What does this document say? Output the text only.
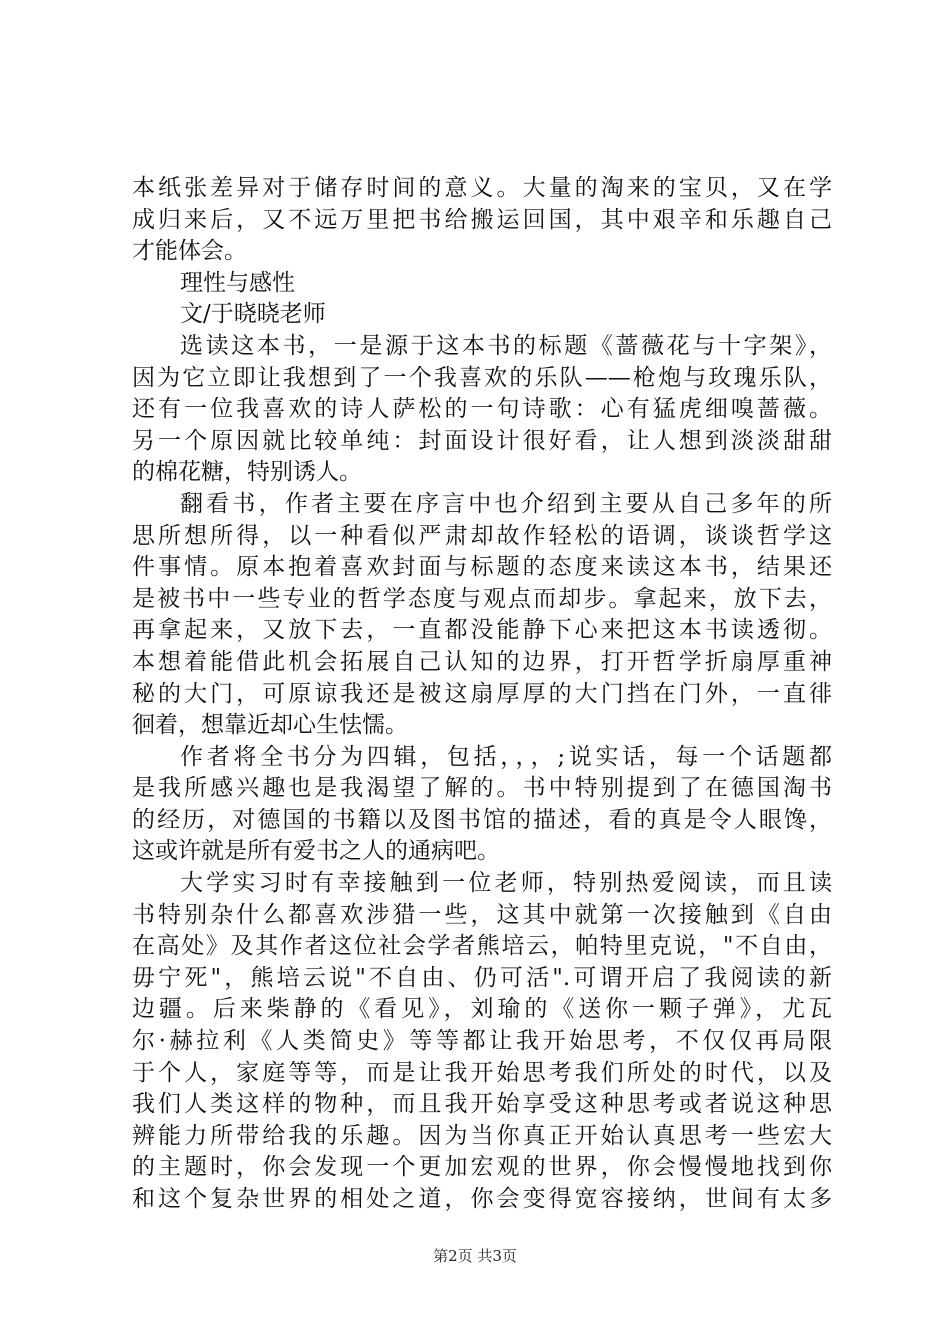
本纸张差异对于储存时间的意义。大量的淘来的宝贝，又在学
成归来后，又不远万里把书给搬运回国，其中艰辛和乐趣自己
才能体会。
理性与感性
文/于晓晓老师
选读这本书，一是源于这本书的标题《蔷薇花与十字架》，
因为它立即让我想到了一个我喜欢的乐队——枪炮与玫瑰乐队，
还有一位我喜欢的诗人萨松的一句诗歌：心有猛虎细嗅蔷薇。
另一个原因就比较单纯：封面设计很好看，让人想到淡淡甜甜
的棉花糖，特别诱人。
翻看书，作者主要在序言中也介绍到主要从自己多年的所
思所想所得，以一种看似严肃却故作轻松的语调，谈谈哲学这
件事情。原本抱着喜欢封面与标题的态度来读这本书，结果还
是被书中一些专业的哲学态度与观点而却步。拿起来，放下去，
再拿起来，又放下去，一直都没能静下心来把这本书读透彻。
本想着能借此机会拓展自己认知的边界，打开哲学折扇厚重神
秘的大门，可原谅我还是被这扇厚厚的大门挡在门外，一直徘
徊着，想靠近却心生怯懦。
作者将全书分为四辑，包括，，，;说实话，每一个话题都
是我所感兴趣也是我渴望了解的。书中特别提到了在德国淘书
的经历，对德国的书籍以及图书馆的描述，看的真是令人眼馋，
这或许就是所有爱书之人的通病吧。
大学实习时有幸接触到一位老师，特别热爱阅读，而且读
书特别杂什么都喜欢涉猎一些，这其中就第一次接触到《自由
在高处》及其作者这位社会学者熊培云，帕特里克说，"不自由，
毋宁死"，熊培云说"不自由、仍可活".可谓开启了我阅读的新
边疆。后来柴静的《看见》，刘瑜的《送你一颗子弹》，尤瓦
尔·赫拉利《人类简史》等等都让我开始思考，不仅仅再局限
于个人，家庭等等，而是让我开始思考我们所处的时代，以及
我们人类这样的物种，而且我开始享受这种思考或者说这种思
辨能力所带给我的乐趣。因为当你真正开始认真思考一些宏大
的主题时，你会发现一个更加宏观的世界，你会慢慢地找到你
和这个复杂世界的相处之道，你会变得宽容接纳，世间有太多
第2页 共3页
